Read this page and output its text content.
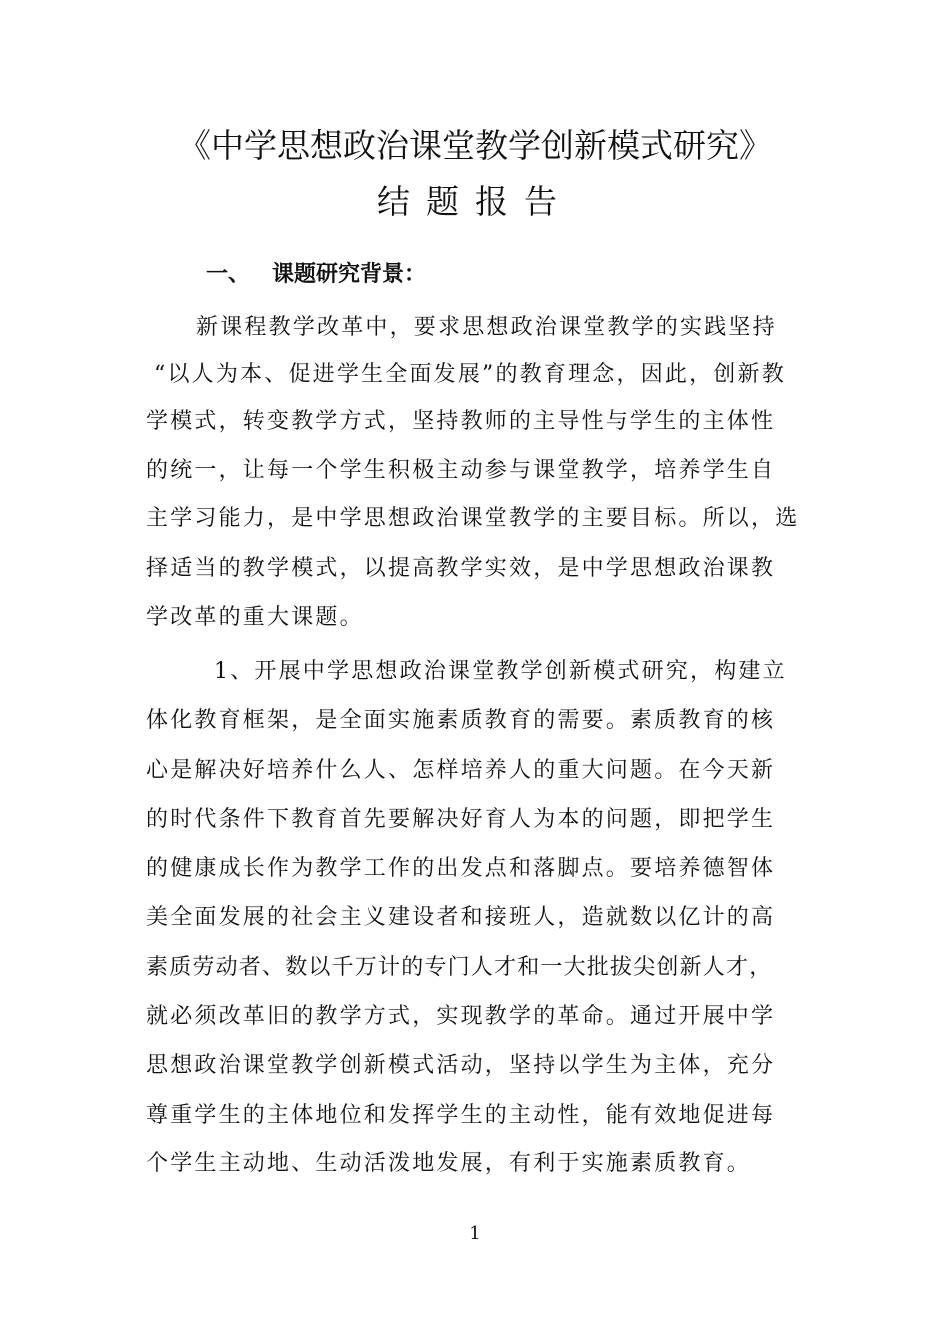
《中学思想政治课堂教学创新模式研究》
结题报告
一、 课题研究背景：
新课程教学改革中，要求思想政治课堂教学的实践坚持
“以人为本、促进学生全面发展”的教育理念，因此，创新教
学模式，转变教学方式，坚持教师的主导性与学生的主体性
的统一，让每一个学生积极主动参与课堂教学，培养学生自
主学习能力，是中学思想政治课堂教学的主要目标。所以，选
择适当的教学模式，以提高教学实效，是中学思想政治课教
学改革的重大课题。
1、开展中学思想政治课堂教学创新模式研究，构建立
体化教育框架，是全面实施素质教育的需要。素质教育的核
心是解决好培养什么人、怎样培养人的重大问题。在今天新
的时代条件下教育首先要解决好育人为本的问题，即把学生
的健康成长作为教学工作的出发点和落脚点。要培养德智体
美全面发展的社会主义建设者和接班人，造就数以亿计的高
素质劳动者、数以千万计的专门人才和一大批拔尖创新人才，
就必须改革旧的教学方式，实现教学的革命。通过开展中学
思想政治课堂教学创新模式活动，坚持以学生为主体，充分
尊重学生的主体地位和发挥学生的主动性，能有效地促进每
个学生主动地、生动活泼地发展，有利于实施素质教育。
1
